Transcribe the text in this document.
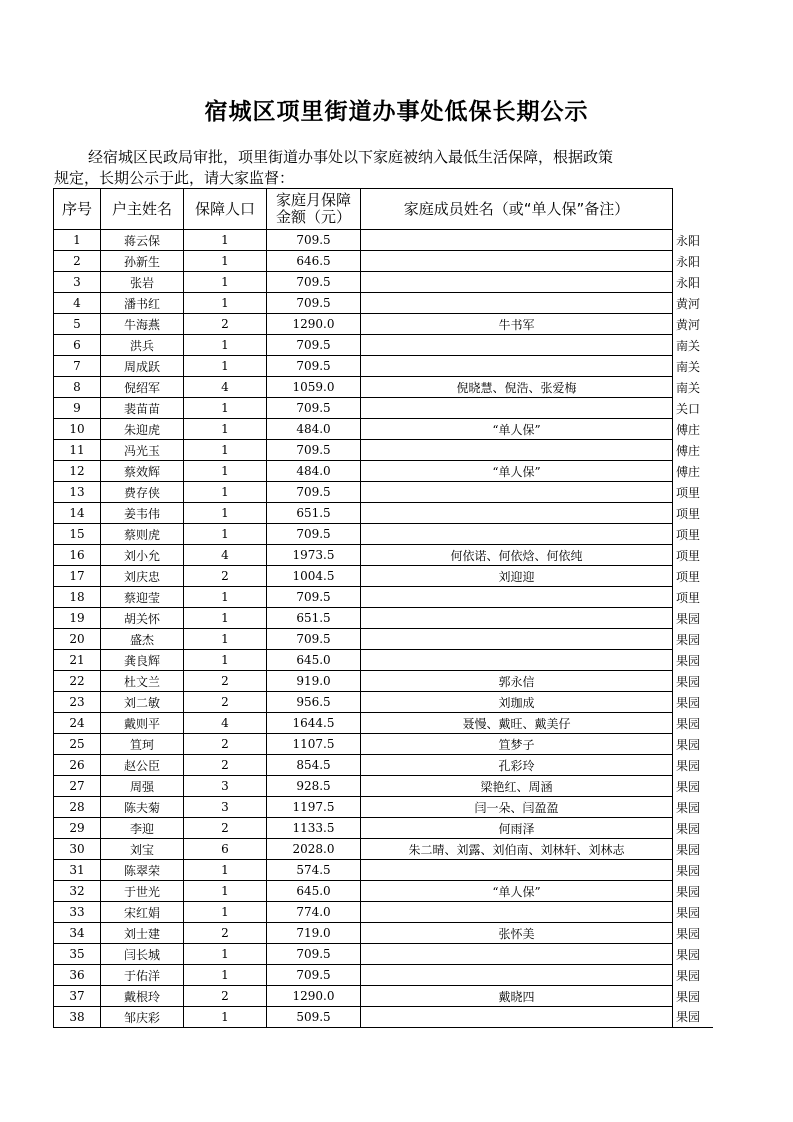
宿城区项里街道办事处低保长期公示
经宿城区民政局审批，项里街道办事处以下家庭被纳入最低生活保障，根据政策
规定，长期公示于此，请大家监督：
序号	户主姓名	保障人口	家庭月保障
金额（元）	家庭成员姓名（或“单人保”备注）	
1	蒋云保	1	709.5		永阳
2	孙新生	1	646.5		永阳
3	张岩	1	709.5		永阳
4	潘书红	1	709.5		黄河
5	牛海燕	2	1290.0	牛书军	黄河
6	洪兵	1	709.5		南关
7	周成跃	1	709.5		南关
8	倪绍军	4	1059.0	倪晓慧、倪浩、张爱梅	南关
9	裴苗苗	1	709.5		关口
10	朱迎虎	1	484.0	“单人保”	傅庄
11	冯光玉	1	709.5		傅庄
12	蔡效辉	1	484.0	“单人保”	傅庄
13	费存侠	1	709.5		项里
14	姜韦伟	1	651.5		项里
15	蔡则虎	1	709.5		项里
16	刘小允	4	1973.5	何依诺、何依焓、何依纯	项里
17	刘庆忠	2	1004.5	刘迎迎	项里
18	蔡迎莹	1	709.5		项里
19	胡关怀	1	651.5		果园
20	盛杰	1	709.5		果园
21	龚良辉	1	645.0		果园
22	杜文兰	2	919.0	郭永信	果园
23	刘二敏	2	956.5	刘珈成	果园
24	戴则平	4	1644.5	聂慢、戴旺、戴美仔	果园
25	笪珂	2	1107.5	笪梦子	果园
26	赵公臣	2	854.5	孔彩玲	果园
27	周强	3	928.5	梁艳红、周涵	果园
28	陈夫菊	3	1197.5	闫一朵、闫盈盈	果园
29	李迎	2	1133.5	何雨泽	果园
30	刘宝	6	2028.0	朱二晴、刘露、刘伯南、刘林轩、刘林志	果园
31	陈翠荣	1	574.5		果园
32	于世光	1	645.0	“单人保”	果园
33	宋红娟	1	774.0		果园
34	刘士建	2	719.0	张怀美	果园
35	闫长城	1	709.5		果园
36	于佑洋	1	709.5		果园
37	戴根玲	2	1290.0	戴晓四	果园
38	邹庆彩	1	509.5		果园
